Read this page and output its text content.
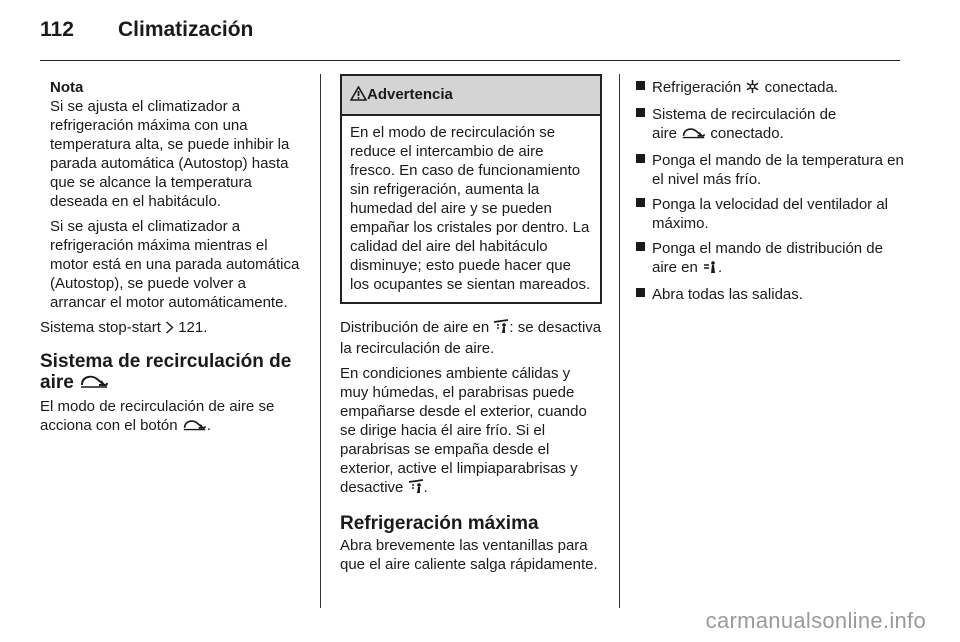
112 Climatización
Nota

Si se ajusta el climatizador a refrigeración máxima con una temperatura alta, se puede inhibir la parada automática (Autostop) hasta que se alcance la temperatura deseada en el habitáculo.

Si se ajusta el climatizador a refrigeración máxima mientras el motor está en una parada automática (Autostop), se puede volver a arrancar el motor automáticamente.

Sistema stop-start 121.

Sistema de recirculación de
aire

El modo de recirculación de aire se
acciona con el botón .

Advertencia
En el modo de recirculación se reduce el intercambio de aire fresco. En caso de funcionamiento sin refrigeración, aumenta la humedad del aire y se pueden empañar los cristales por dentro. La calidad del aire del habitáculo disminuye; esto puede hacer que los ocupantes se sientan mareados.

Distribución de aire en : se desactiva la recirculación de aire.

En condiciones ambiente cálidas y muy húmedas, el parabrisas puede empañarse desde el exterior, cuando se dirige hacia él aire frío. Si el parabrisas se empaña desde el exterior, active el limpiaparabrisas y desactive .

Refrigeración máxima

Abra brevemente las ventanillas para que el aire caliente salga rápidamente.

Refrigeración conectada.
Sistema de recirculación de
aire conectado.
Ponga el mando de la temperatura en el nivel más frío.
Ponga la velocidad del ventilador al máximo.
Ponga el mando de distribución de aire en .
Abra todas las salidas.
carmanualsonline.info
